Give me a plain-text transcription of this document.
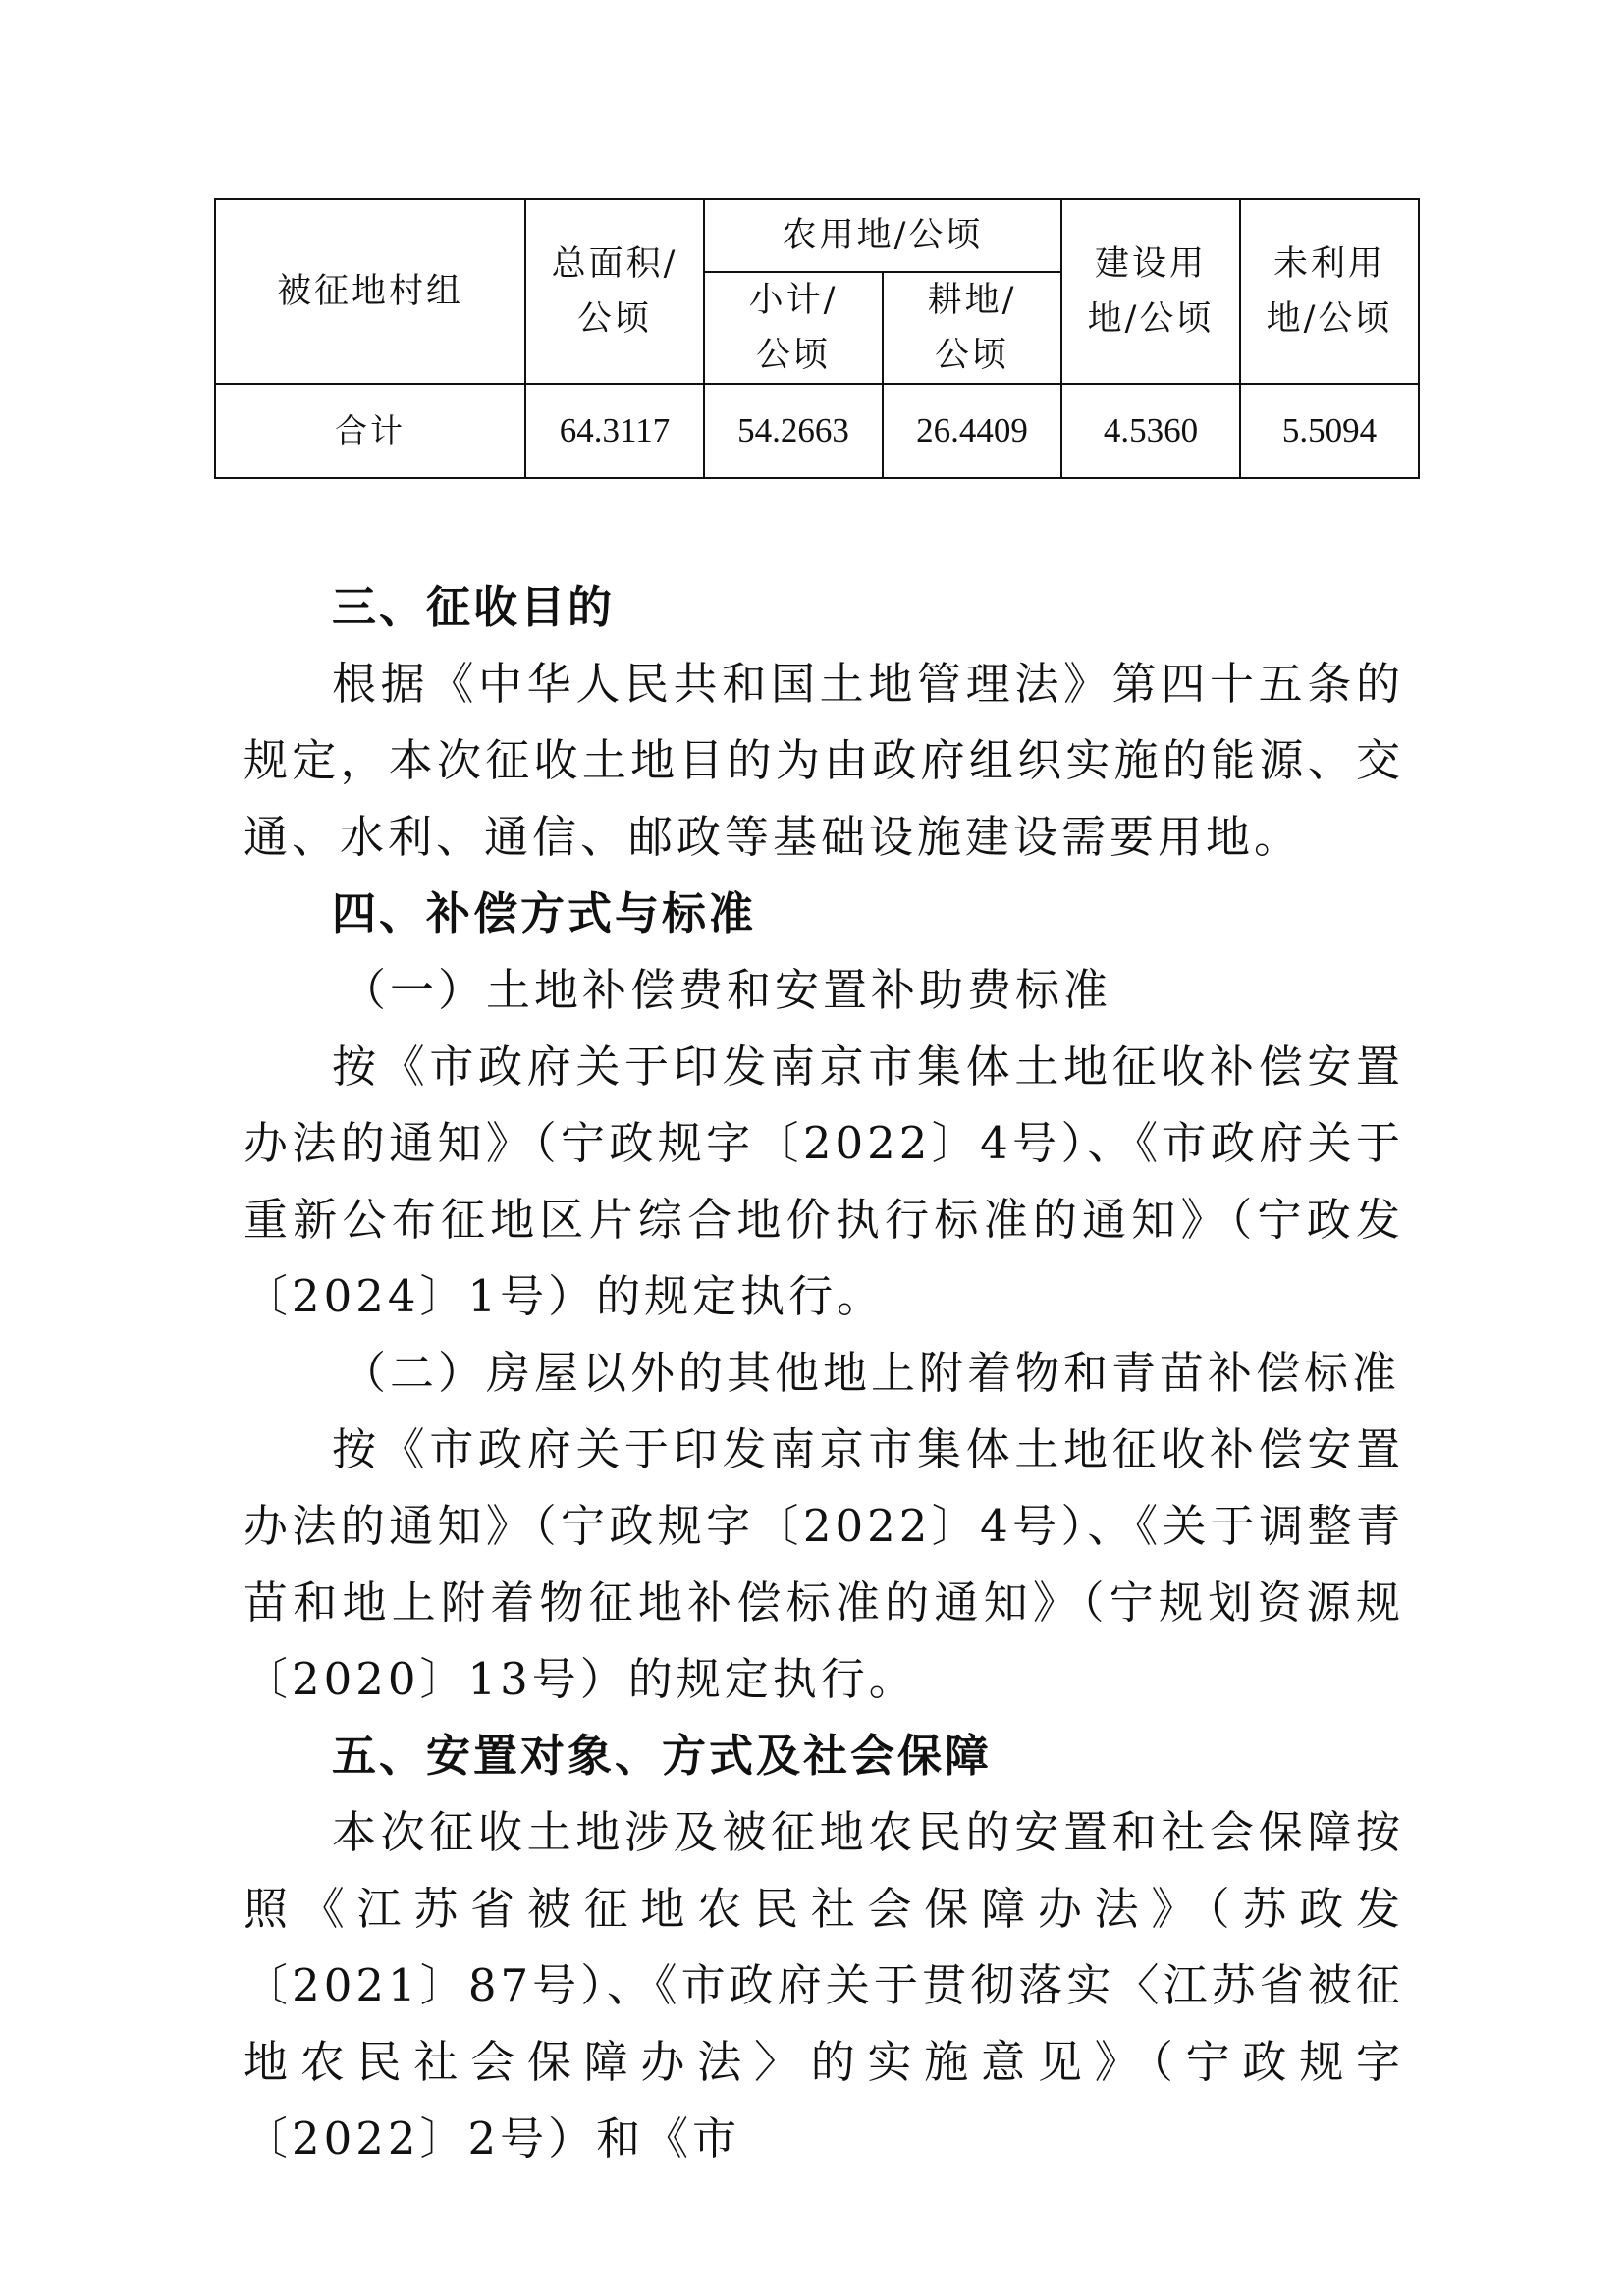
被征地村组	总面积/公顷	农用地/公顷		建设用地/公顷	未利用地/公顷
		小计/公顷	耕地/公顷		
合计	64.3117	54.2663	26.4409	4.5360	5.5094

三、征收目的

根据《中华人民共和国土地管理法》第四十五条的规定，本次征收土地目的为由政府组织实施的能源、交通、水利、通信、邮政等基础设施建设需要用地。

四、补偿方式与标准

（一）土地补偿费和安置补助费标准

按《市政府关于印发南京市集体土地征收补偿安置办法的通知》（宁政规字〔2022〕4号）、《市政府关于重新公布征地区片综合地价执行标准的通知》（宁政发〔2024〕1号）的规定执行。

（二）房屋以外的其他地上附着物和青苗补偿标准

按《市政府关于印发南京市集体土地征收补偿安置办法的通知》（宁政规字〔2022〕4号）、《关于调整青苗和地上附着物征地补偿标准的通知》（宁规划资源规〔2020〕13号）的规定执行。

五、安置对象、方式及社会保障

本次征收土地涉及被征地农民的安置和社会保障按照《江苏省被征地农民社会保障办法》（苏政发〔2021〕87号）、《市政府关于贯彻落实〈江苏省被征地农民社会保障办法〉的实施意见》（宁政规字〔2022〕2号）和《市
